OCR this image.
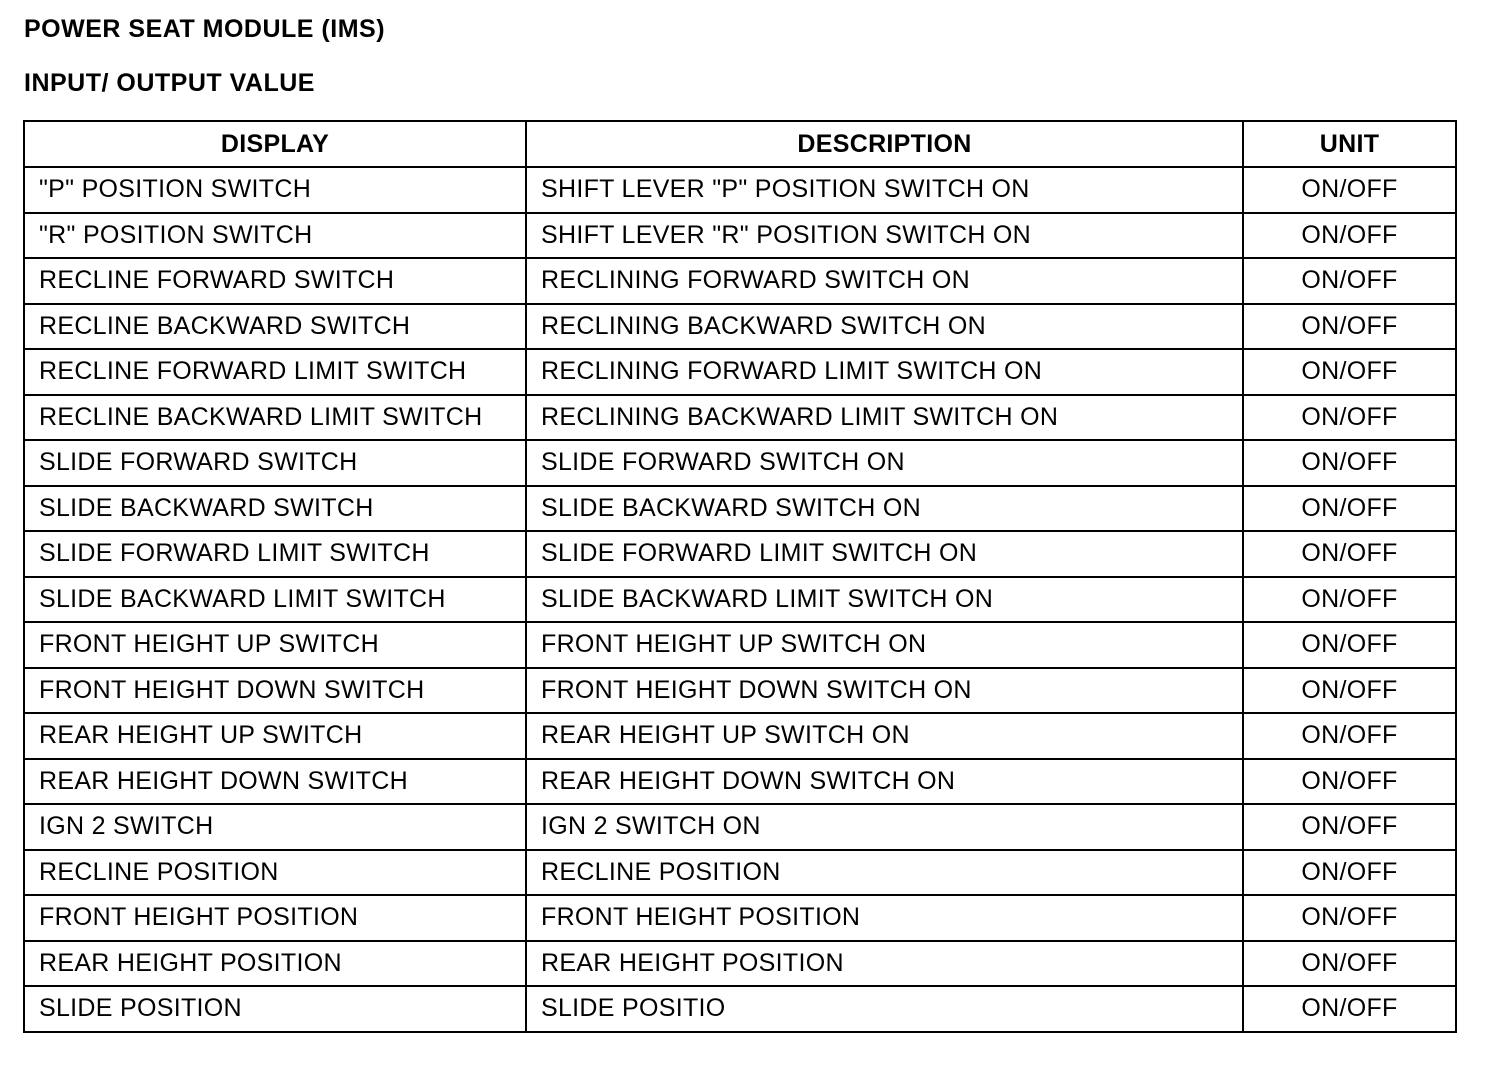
POWER SEAT MODULE (IMS)
INPUT/ OUTPUT VALUE
DISPLAY	DESCRIPTION	UNIT
"P" POSITION SWITCH	SHIFT LEVER "P" POSITION SWITCH ON	ON/OFF
"R" POSITION SWITCH	SHIFT LEVER "R" POSITION SWITCH ON	ON/OFF
RECLINE FORWARD SWITCH	RECLINING FORWARD SWITCH ON	ON/OFF
RECLINE BACKWARD SWITCH	RECLINING BACKWARD SWITCH ON	ON/OFF
RECLINE FORWARD LIMIT SWITCH	RECLINING FORWARD LIMIT SWITCH ON	ON/OFF
RECLINE BACKWARD LIMIT SWITCH	RECLINING BACKWARD LIMIT SWITCH ON	ON/OFF
SLIDE FORWARD SWITCH	SLIDE FORWARD SWITCH ON	ON/OFF
SLIDE BACKWARD SWITCH	SLIDE BACKWARD SWITCH ON	ON/OFF
SLIDE FORWARD LIMIT SWITCH	SLIDE FORWARD LIMIT SWITCH ON	ON/OFF
SLIDE BACKWARD LIMIT SWITCH	SLIDE BACKWARD LIMIT SWITCH ON	ON/OFF
FRONT HEIGHT UP SWITCH	FRONT HEIGHT UP SWITCH ON	ON/OFF
FRONT HEIGHT DOWN SWITCH	FRONT HEIGHT DOWN SWITCH ON	ON/OFF
REAR HEIGHT UP SWITCH	REAR HEIGHT UP SWITCH ON	ON/OFF
REAR HEIGHT DOWN SWITCH	REAR HEIGHT DOWN SWITCH ON	ON/OFF
IGN 2 SWITCH	IGN 2 SWITCH ON	ON/OFF
RECLINE POSITION	RECLINE POSITION	ON/OFF
FRONT HEIGHT POSITION	FRONT HEIGHT POSITION	ON/OFF
REAR HEIGHT POSITION	REAR HEIGHT POSITION	ON/OFF
SLIDE POSITION	SLIDE POSITIO	ON/OFF
